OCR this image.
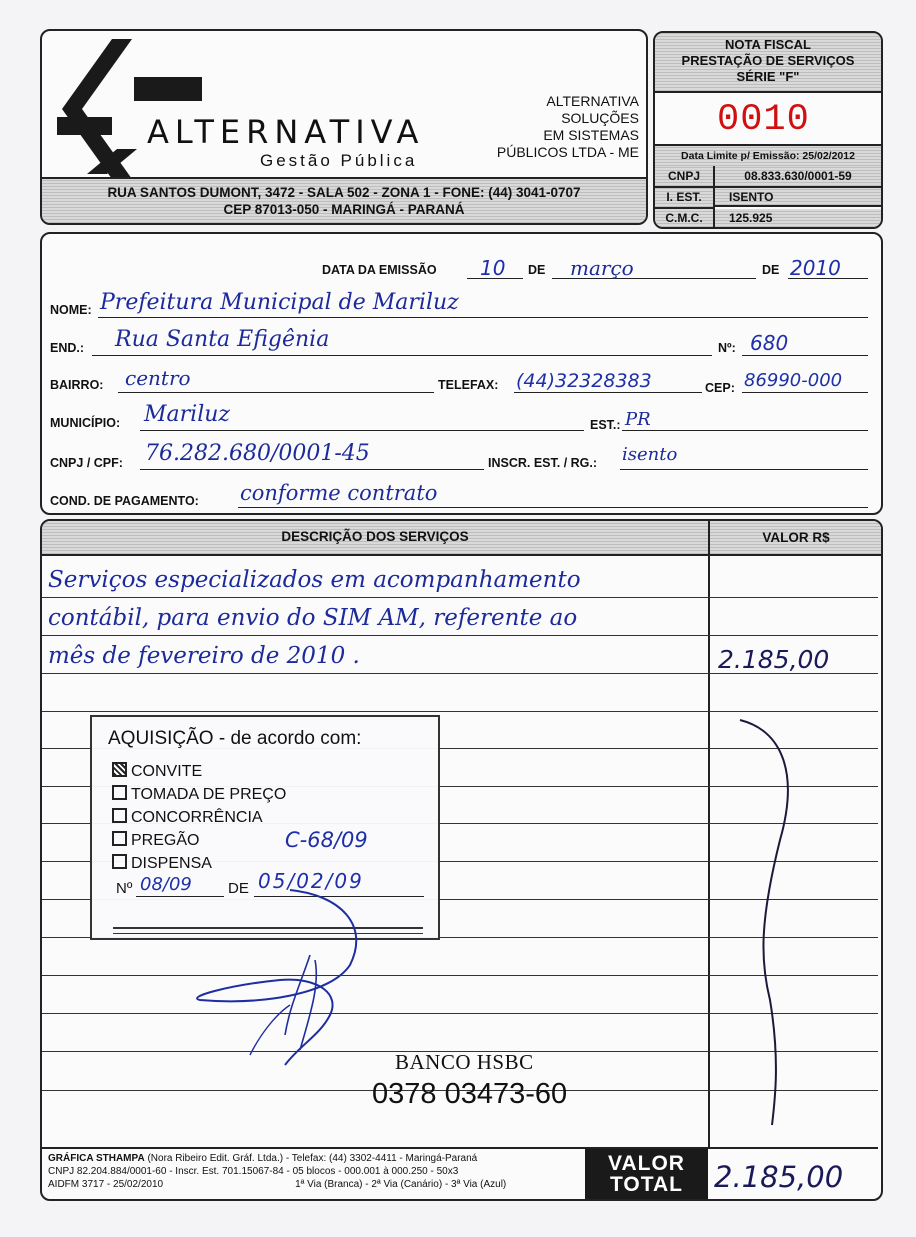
ALTERNATIVA
Gestão Pública
ALTERNATIVA
SOLUÇÕES
EM SISTEMAS
PÚBLICOS LTDA - ME
RUA SANTOS DUMONT, 3472 - SALA 502 - ZONA 1 - FONE: (44) 3041-0707
CEP 87013-050 - MARINGÁ - PARANÁ
NOTA FISCAL
PRESTAÇÃO DE SERVIÇOS
SÉRIE "F"
0010
Data Limite p/ Emissão: 25/02/2012
CNPJ	08.833.630/0001-59
I. EST.	ISENTO
C.M.C.	125.925
DATA DA EMISSÃO 10 DE março	DE 2010
NOME: Prefeitura Municipal de Mariluz
END.: Rua Santa Efigênia	Nº: 680
BAIRRO: centro	TELEFAX: (44)32328383	CEP: 86990-000
MUNICÍPIO: Mariluz	EST.: PR
CNPJ / CPF: 76.282.680/0001-45	INSCR. EST. / RG.: isento
COND. DE PAGAMENTO: conforme contrato
DESCRIÇÃO DOS SERVIÇOS	VALOR R$
Serviços especializados em acompanhamento
contábil, para envio do SIM AM, referente ao
mês de fevereiro de 2010 .	2.185,00
AQUISIÇÃO - de acordo com:
CONVITE
TOMADA DE PREÇO
CONCORRÊNCIA
PREGÃO
DISPENSA
C-68/09
Nº 08/09 DE 05/02/09
BANCO HSBC
0378 03473-60
GRÁFICA STHAMPA (Nora Ribeiro Edit. Gráf. Ltda.) - Telefax: (44) 3302-4411 - Maringá-Paraná
CNPJ 82.204.884/0001-60 - Inscr. Est. 701.15067-84 - 05 blocos - 000.001 à 000.250 - 50x3
AIDFM 3717 - 25/02/2010	1ª Via (Branca) - 2ª Via (Canário) - 3ª Via (Azul)
VALOR
TOTAL	2.185,00
